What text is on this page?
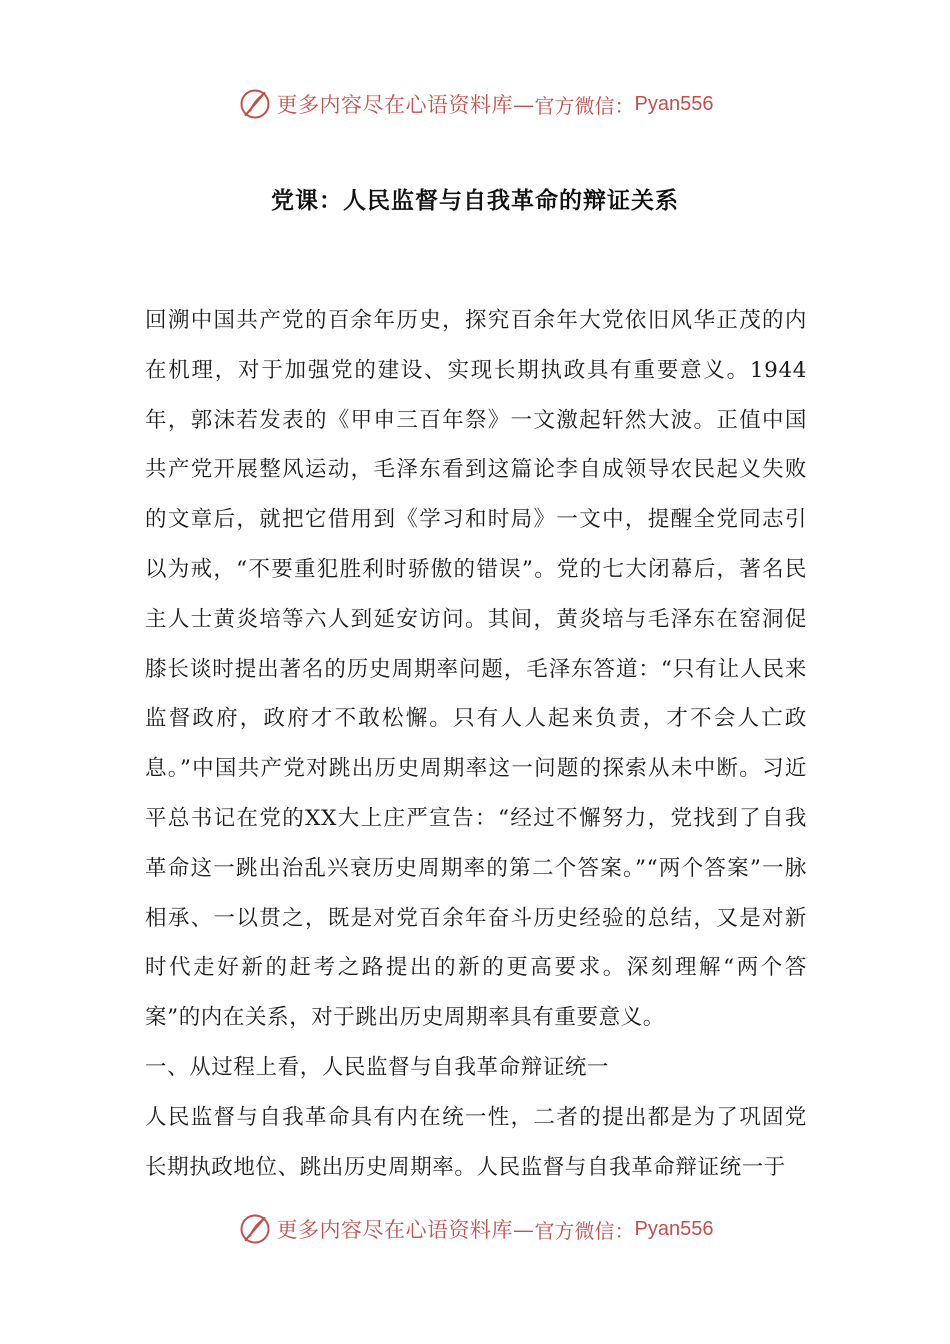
更多内容尽在心语资料库— 官方微信： Pyan556
党课：人民监督与自我革命的辩证关系

回溯中国共产党的百余年历史，探究百余年大党依旧风华正茂的内在机理，对于加强党的建设、实现长期执政具有重要意义。1944年，郭沫若发表的《甲申三百年祭》一文激起轩然大波。正值中国共产党开展整风运动，毛泽东看到这篇论李自成领导农民起义失败的文章后，就把它借用到《学习和时局》一文中，提醒全党同志引以为戒，“不要重犯胜利时骄傲的错误”。党的七大闭幕后，著名民主人士黄炎培等六人到延安访问。其间，黄炎培与毛泽东在窑洞促膝长谈时提出著名的历史周期率问题，毛泽东答道：“只有让人民来监督政府，政府才不敢松懈。只有人人起来负责，才不会人亡政息。”中国共产党对跳出历史周期率这一问题的探索从未中断。习近平总书记在党的XX大上庄严宣告：“经过不懈努力，党找到了自我革命这一跳出治乱兴衰历史周期率的第二个答案。”“两个答案”一脉相承、一以贯之，既是对党百余年奋斗历史经验的总结，又是对新时代走好新的赶考之路提出的新的更高要求。深刻理解“两个答案”的内在关系，对于跳出历史周期率具有重要意义。

一、从过程上看，人民监督与自我革命辩证统一

人民监督与自我革命具有内在统一性，二者的提出都是为了巩固党长期执政地位、跳出历史周期率。人民监督与自我革命辩证统一于

更多内容尽在心语资料库— 官方微信： Pyan556
